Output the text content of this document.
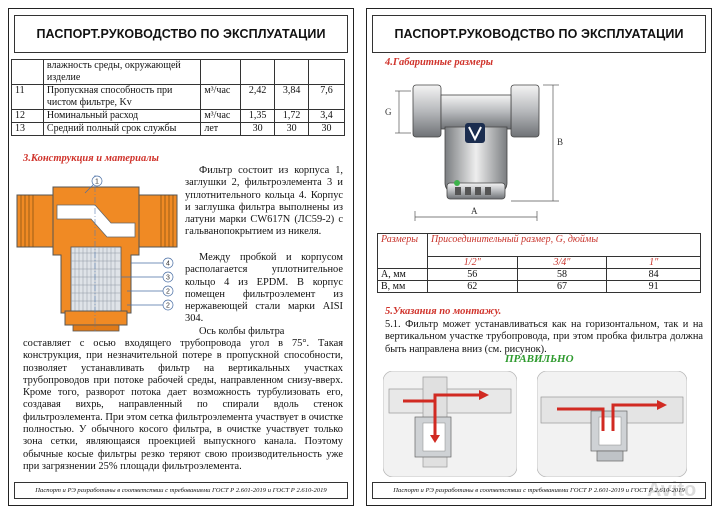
ПАСПОРТ.РУКОВОДСТВО ПО ЭКСПЛУАТАЦИИ
	влажность среды, окружающей изделие				
11	Пропускная способность при чистом фильтре, Kv	м³/час	2,42	3,84	7,6
12	Номинальный расход	м³/час	1,35	1,72	3,4
13	Средний полный срок службы	лет	30	30	30
3.Конструкция и материалы
1
4
3
2
2
Фильтр состоит из корпуса 1, заглушки 2, фильтроэлемента 3 и уплотнительного кольца 4. Корпус и заглушка фильтра выполнены из латуни марки CW617N (ЛС59-2) с гальванопокрытием из никеля.
Между пробкой и корпусом располагается уплотнительное кольцо 4 из EPDM. В корпус помещен фильтроэлемент из нержавеющей стали марки AISI 304.
Ось колбы фильтра
составляет с осью входящего трубопровода угол в 75°. Такая конструкция, при незначительной потере в пропускной способности, позволяет устанавливать фильтр на вертикальных участках трубопроводов при потоке рабочей среды, направленном снизу-вверх. Кроме того, разворот потока дает возможность турбулизовать его, создавая вихрь, направленный по спирали вдоль стенок фильтроэлемента. При этом сетка фильтроэлемента участвует в очистке полностью. У обычного косого фильтра, в очистке участвует только зона сетки, являющаяся проекцией выпускного канала. Поэтому обычные косые фильтры резко теряют свою производительность уже при загрязнении 25% площади фильтроэлемента.
Паспорт и РЭ разработаны в соответствии с требованиями ГОСТ Р 2.601-2019 и ГОСТ Р 2.610-2019
ПАСПОРТ.РУКОВОДСТВО ПО ЭКСПЛУАТАЦИИ
4.Габаритные размеры
G
A
B
Размеры	Присоединительный размер, G, дюймы		
	1/2"	3/4"	1"
A, мм	56	58	84
B, мм	62	67	91
5.Указания по монтажу.
5.1. Фильтр может устанавливаться как на горизонтальном, так и на вертикальном участке трубопровода, при этом пробка фильтра должна быть направлена вниз (см. рисунок).
ПРАВИЛЬНО
Avito
Паспорт и РЭ разработаны в соответствии с требованиями ГОСТ Р 2.601-2019 и ГОСТ Р 2.610-2019
